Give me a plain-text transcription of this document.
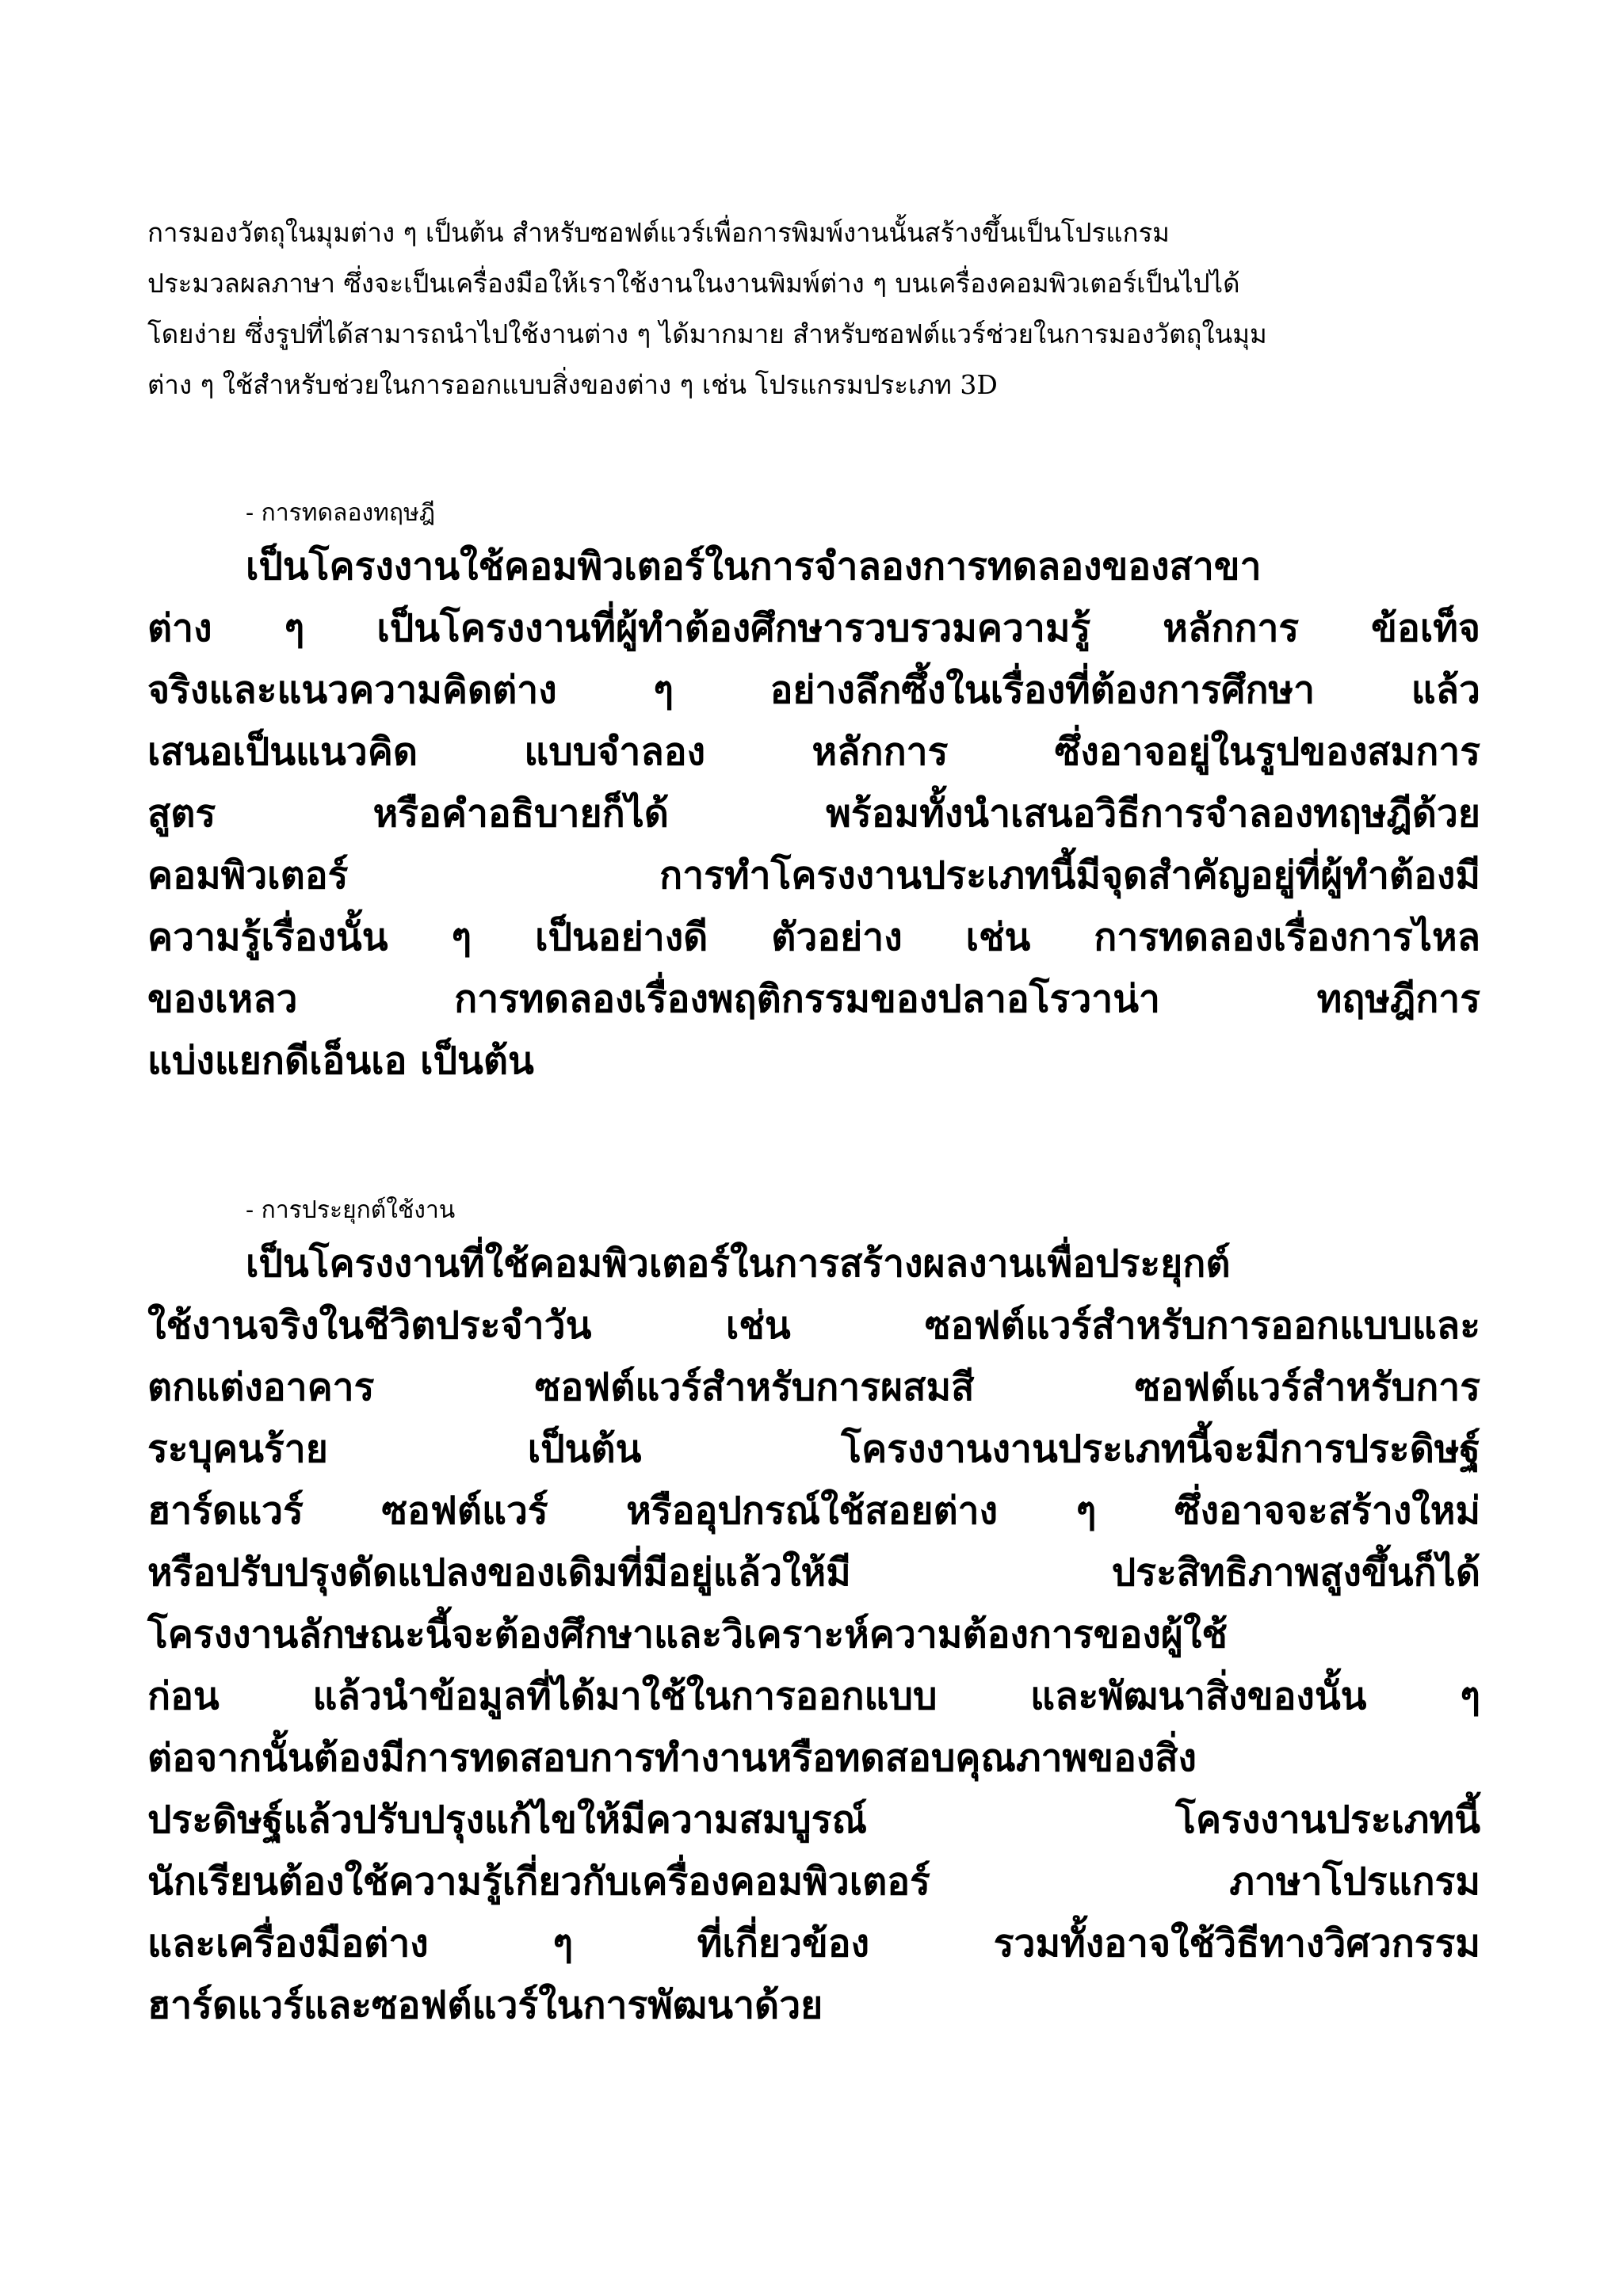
การมองวัตถุในมุมต่าง ๆ เป็นต้น สำหรับซอฟต์แวร์เพื่อการพิมพ์งานนั้นสร้างขึ้นเป็นโปรแกรม
ประมวลผลภาษา ซึ่งจะเป็นเครื่องมือให้เราใช้งานในงานพิมพ์ต่าง ๆ บนเครื่องคอมพิวเตอร์เป็นไปได้
โดยง่าย ซึ่งรูปที่ได้สามารถนำไปใช้งานต่าง ๆ ได้มากมาย สำหรับซอฟต์แวร์ช่วยในการมองวัตถุในมุม
ต่าง ๆ ใช้สำหรับช่วยในการออกแบบสิ่งของต่าง ๆ เช่น โปรแกรมประเภท 3D
- การทดลองทฤษฎี
เป็นโครงงานใช้คอมพิวเตอร์ในการจำลองการทดลองของสาขา
ต่าง ๆ เป็นโครงงานที่ผู้ทำต้องศึกษารวบรวมความรู้ หลักการ ข้อเท็จ
จริงและแนวความคิดต่าง ๆ อย่างลึกซึ้งในเรื่องที่ต้องการศึกษา แล้ว
เสนอเป็นแนวคิด แบบจำลอง หลักการ ซึ่งอาจอยู่ในรูปของสมการ
สูตร หรือคำอธิบายก็ได้ พร้อมทั้งนำเสนอวิธีการจำลองทฤษฎีด้วย
คอมพิวเตอร์ การทำโครงงานประเภทนี้มีจุดสำคัญอยู่ที่ผู้ทำต้องมี
ความรู้เรื่องนั้น ๆ เป็นอย่างดี ตัวอย่าง เช่น การทดลองเรื่องการไหล
ของเหลว การทดลองเรื่องพฤติกรรมของปลาอโรวาน่า ทฤษฎีการ
แบ่งแยกดีเอ็นเอ เป็นต้น
- การประยุกต์ใช้งาน
เป็นโครงงานที่ใช้คอมพิวเตอร์ในการสร้างผลงานเพื่อประยุกต์
ใช้งานจริงในชีวิตประจำวัน เช่น ซอฟต์แวร์สำหรับการออกแบบและ
ตกแต่งอาคาร ซอฟต์แวร์สำหรับการผสมสี ซอฟต์แวร์สำหรับการ
ระบุคนร้าย เป็นต้น โครงงานงานประเภทนี้จะมีการประดิษฐ์
ฮาร์ดแวร์ ซอฟต์แวร์ หรืออุปกรณ์ใช้สอยต่าง ๆ ซึ่งอาจจะสร้างใหม่
หรือปรับปรุงดัดแปลงของเดิมที่มีอยู่แล้วให้มี ประสิทธิภาพสูงขึ้นก็ได้
โครงงานลักษณะนี้จะต้องศึกษาและวิเคราะห์ความต้องการของผู้ใช้
ก่อน แล้วนำข้อมูลที่ได้มาใช้ในการออกแบบ และพัฒนาสิ่งของนั้น ๆ
ต่อจากนั้นต้องมีการทดสอบการทำงานหรือทดสอบคุณภาพของสิ่ง
ประดิษฐ์แล้วปรับปรุงแก้ไขให้มีความสมบูรณ์ โครงงานประเภทนี้
นักเรียนต้องใช้ความรู้เกี่ยวกับเครื่องคอมพิวเตอร์ ภาษาโปรแกรม
และเครื่องมือต่าง ๆ ที่เกี่ยวข้อง รวมทั้งอาจใช้วิธีทางวิศวกรรม
ฮาร์ดแวร์และซอฟต์แวร์ในการพัฒนาด้วย
